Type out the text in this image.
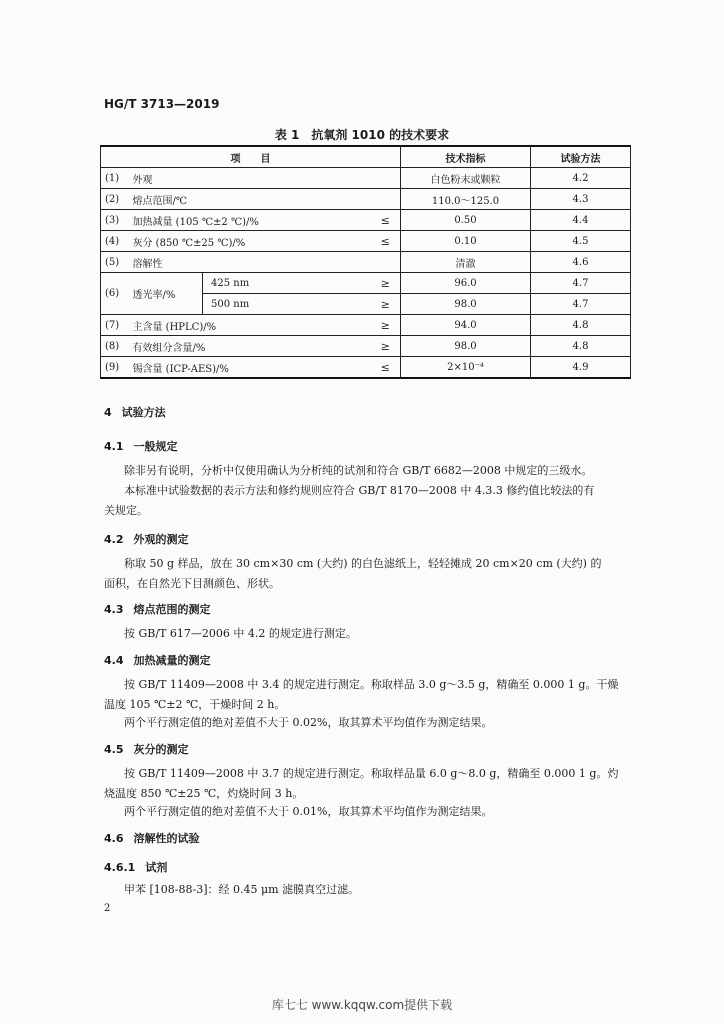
HG/T 3713—2019
表 1　抗氧剂 1010 的技术要求
项　　目				技术指标	试验方法
(1)	外观			白色粉末或颗粒	4.2
(2)	熔点范围/℃			110.0～125.0	4.3
(3)	加热减量 (105 ℃±2 ℃)/%		≤	0.50	4.4
(4)	灰分 (850 ℃±25 ℃)/%		≤	0.10	4.5
(5)	溶解性			清澈	4.6
(6)	透光率/%	425 nm	≥	96.0	4.7
		500 nm	≥	98.0	4.7
(7)	主含量 (HPLC)/%		≥	94.0	4.8
(8)	有效组分含量/%		≥	98.0	4.8
(9)	锡含量 (ICP-AES)/%		≤	2×10⁻⁴	4.9
4 试验方法
4.1 一般规定
除非另有说明，分析中仅使用确认为分析纯的试剂和符合 GB/T 6682—2008 中规定的三级水。
本标准中试验数据的表示方法和修约规则应符合 GB/T 8170—2008 中 4.3.3 修约值比较法的有
关规定。
4.2 外观的测定
称取 50 g 样品，放在 30 cm×30 cm (大约) 的白色滤纸上，轻轻摊成 20 cm×20 cm (大约) 的
面积，在自然光下目测颜色、形状。
4.3 熔点范围的测定
按 GB/T 617—2006 中 4.2 的规定进行测定。
4.4 加热减量的测定
按 GB/T 11409—2008 中 3.4 的规定进行测定。称取样品 3.0 g～3.5 g，精确至 0.000 1 g。干燥
温度 105 ℃±2 ℃，干燥时间 2 h。
两个平行测定值的绝对差值不大于 0.02%，取其算术平均值作为测定结果。
4.5 灰分的测定
按 GB/T 11409—2008 中 3.7 的规定进行测定。称取样品量 6.0 g～8.0 g，精确至 0.000 1 g。灼
烧温度 850 ℃±25 ℃，灼烧时间 3 h。
两个平行测定值的绝对差值不大于 0.01%，取其算术平均值作为测定结果。
4.6 溶解性的试验
4.6.1 试剂
甲苯 [108-88-3]：经 0.45 μm 滤膜真空过滤。
2
库七七 www.kqqw.com提供下载
